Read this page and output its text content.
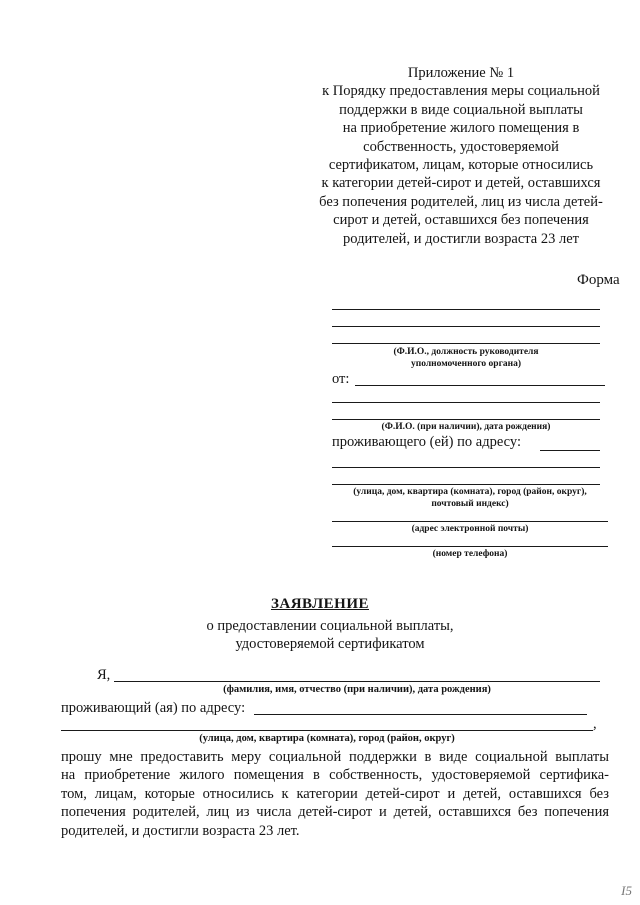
Приложение № 1
к Порядку предоставления меры социальной
поддержки в виде социальной выплаты
на приобретение жилого помещения в
собственность, удостоверяемой
сертификатом, лицам, которые относились
к категории детей-сирот и детей, оставшихся
без попечения родителей, лиц из числа детей-
сирот и детей, оставшихся без попечения
родителей, и достигли возраста 23 лет
Форма
(Ф.И.О., должность руководителя
уполномоченного органа)
от:
(Ф.И.О. (при наличии), дата рождения)
проживающего (ей) по адресу:
(улица, дом, квартира (комната), город (район, округ),
почтовый индекс)
(адрес электронной почты)
(номер телефона)
ЗАЯВЛЕНИЕ
о предоставлении социальной выплаты,
удостоверяемой сертификатом
Я,
(фамилия, имя, отчество (при наличии), дата рождения)
проживающий (ая) по адресу:
,
(улица, дом, квартира (комната), город (район, округ)
прошу мне предоставить меру социальной поддержки в виде социальной выплаты
на приобретение жилого помещения в собственность, удостоверяемой сертифика-
том, лицам, которые относились к категории детей-сирот и детей, оставшихся без
попечения родителей, лиц из числа детей-сирот и детей, оставшихся без попечения
родителей, и достигли возраста 23 лет.
I5
